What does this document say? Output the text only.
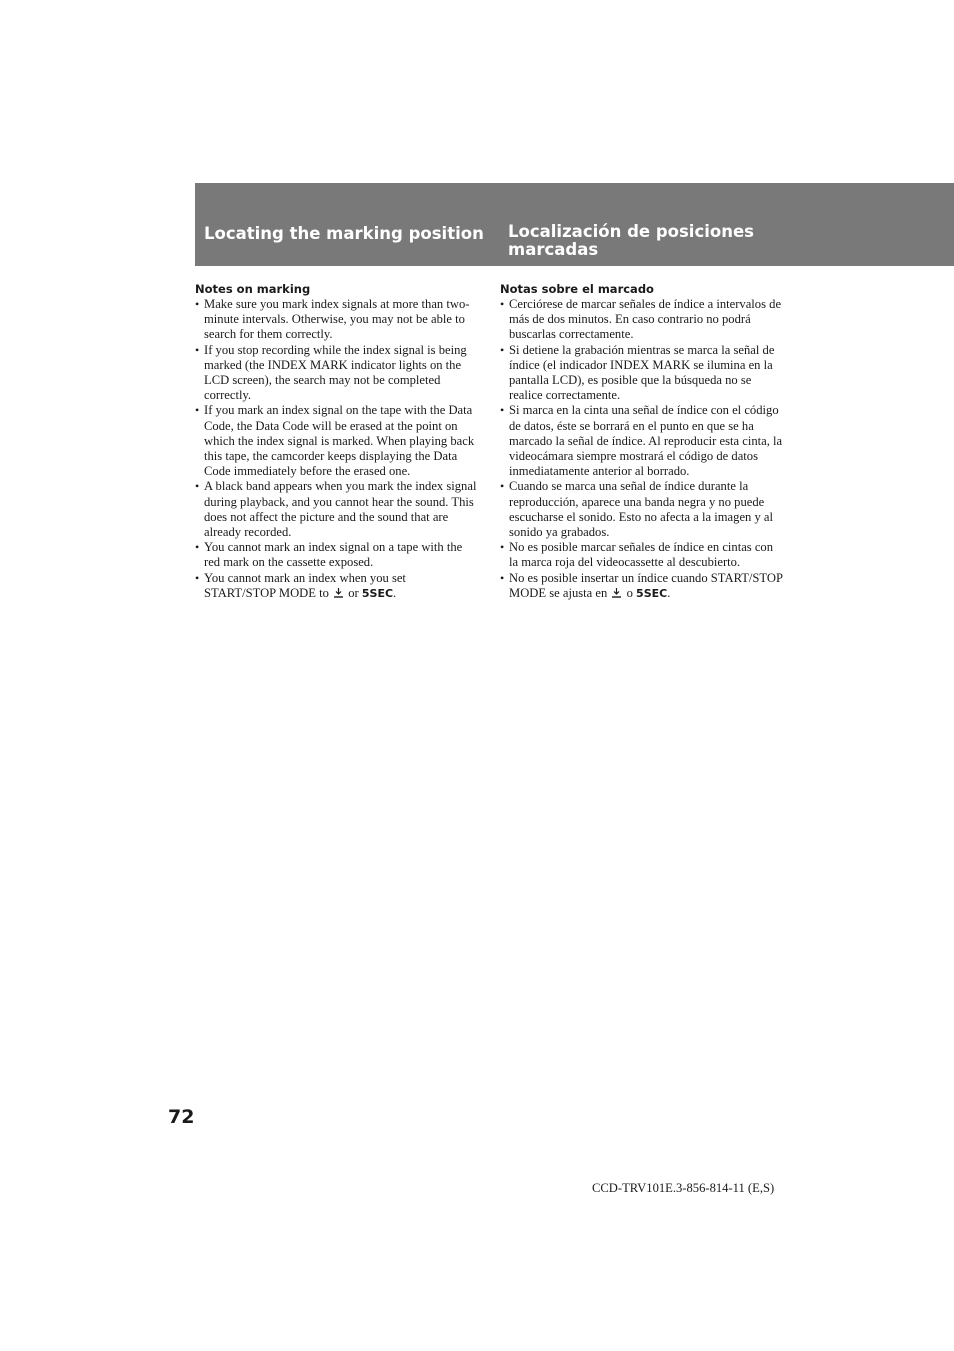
Locating the marking position	Localización de posiciones marcadas

Notes on marking

• Make sure you mark index signals at more than two-minute intervals. Otherwise, you may not be able to search for them correctly.
• If you stop recording while the index signal is being marked (the INDEX MARK indicator lights on the LCD screen), the search may not be completed correctly.
• If you mark an index signal on the tape with the Data Code, the Data Code will be erased at the point on which the index signal is marked. When playing back this tape, the camcorder keeps displaying the Data Code immediately before the erased one.
• A black band appears when you mark the index signal during playback, and you cannot hear the sound. This does not affect the picture and the sound that are already recorded.
• You cannot mark an index signal on a tape with the red mark on the cassette exposed.
• You cannot mark an index when you set START/STOP MODE to or 5SEC.

Notas sobre el marcado

• Cerciórese de marcar señales de índice a intervalos de más de dos minutos. En caso contrario no podrá buscarlas correctamente.
• Si detiene la grabación mientras se marca la señal de índice (el indicador INDEX MARK se ilumina en la pantalla LCD), es posible que la búsqueda no se realice correctamente.
• Si marca en la cinta una señal de índice con el código de datos, éste se borrará en el punto en que se ha marcado la señal de índice. Al reproducir esta cinta, la videocámara siempre mostrará el código de datos inmediatamente anterior al borrado.
• Cuando se marca una señal de índice durante la reproducción, aparece una banda negra y no puede escucharse el sonido. Esto no afecta a la imagen y al sonido ya grabados.
• No es posible marcar señales de índice en cintas con la marca roja del videocassette al descubierto.
• No es posible insertar un índice cuando START/STOP MODE se ajusta en o 5SEC.

72

CCD-TRV101E.3-856-814-11 (E,S)
